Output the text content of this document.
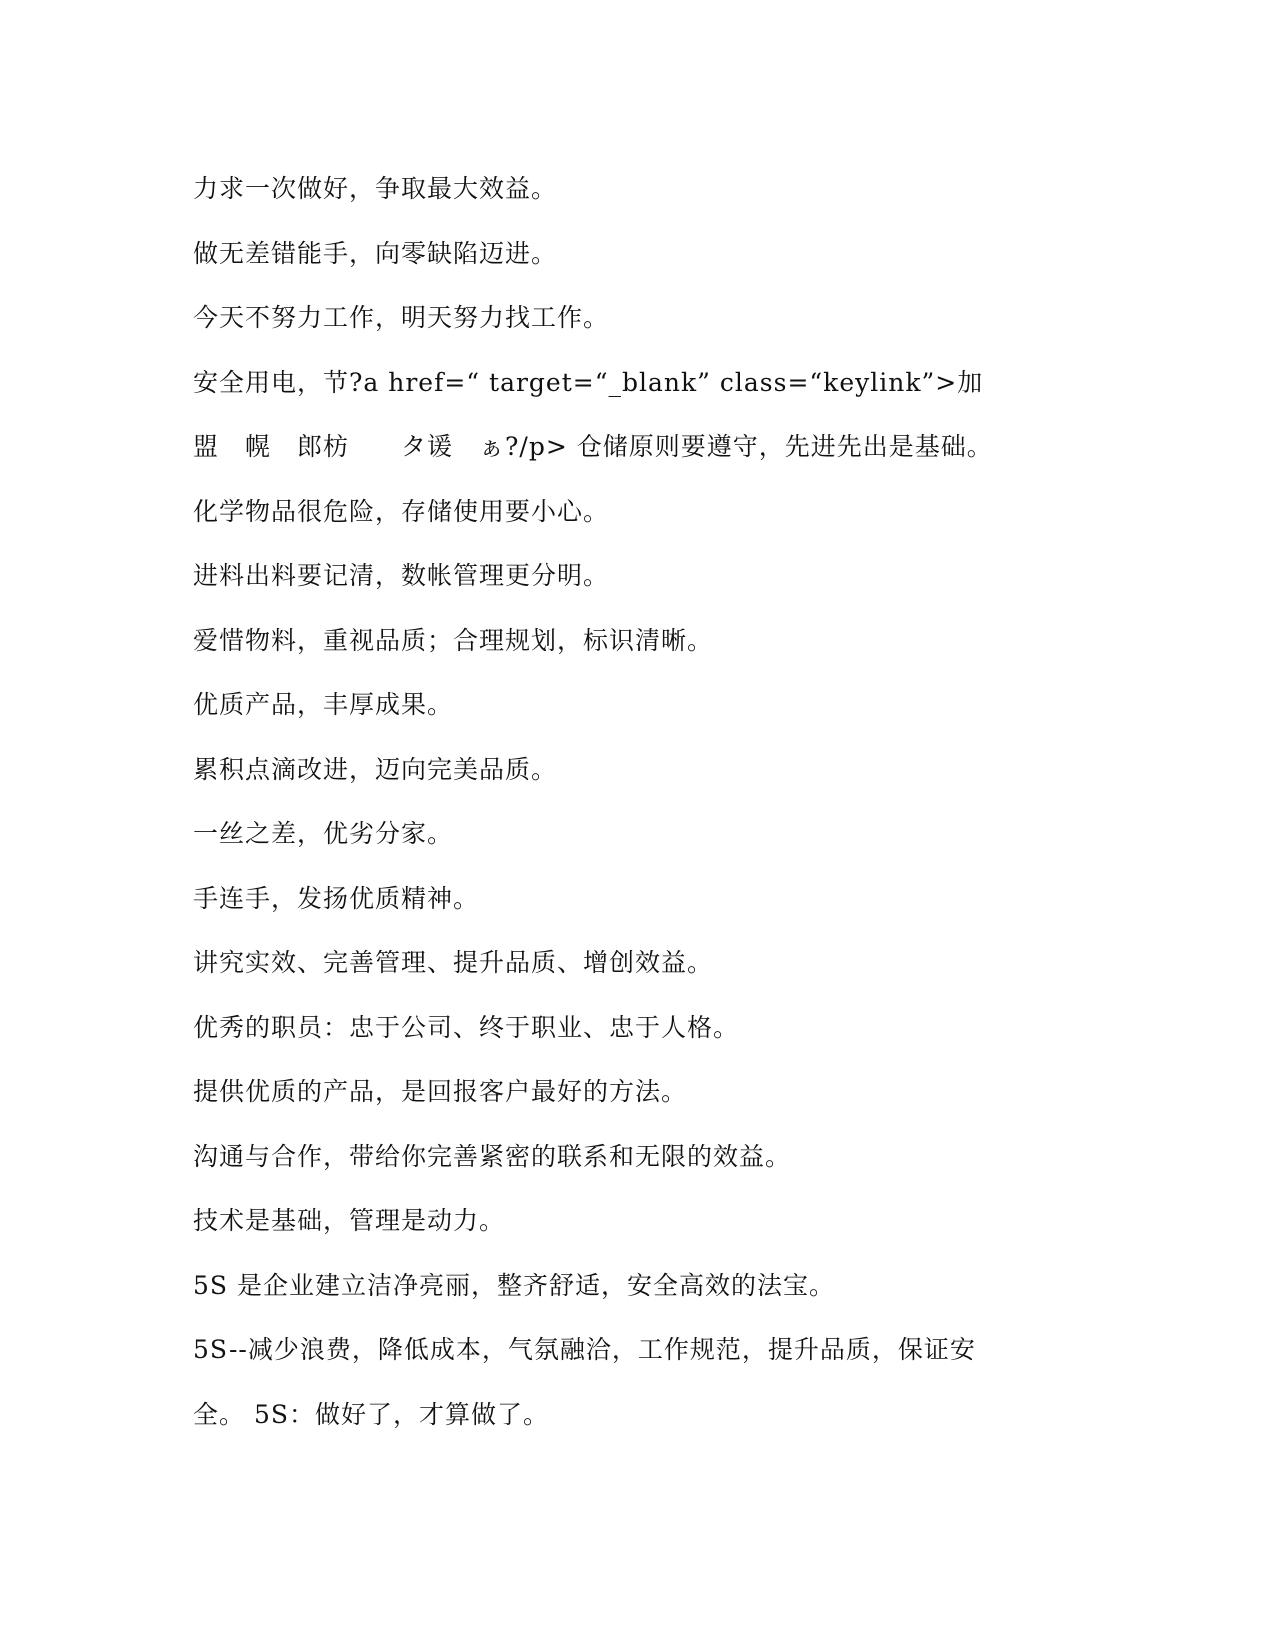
力求一次做好，争取最大效益。
做无差错能手，向零缺陷迈进。
今天不努力工作，明天努力找工作。
安全用电，节?a href=“ target=“_blank” class=“keylink”>加
盟　幌　郎枋　　タ谖　ぁ?/p> 仓储原则要遵守，先进先出是基础。
化学物品很危险，存储使用要小心。
进料出料要记清，数帐管理更分明。
爱惜物料，重视品质；合理规划，标识清晰。
优质产品，丰厚成果。
累积点滴改进，迈向完美品质。
一丝之差，优劣分家。
手连手，发扬优质精神。
讲究实效、完善管理、提升品质、增创效益。
优秀的职员：忠于公司、终于职业、忠于人格。
提供优质的产品，是回报客户最好的方法。
沟通与合作，带给你完善紧密的联系和无限的效益。
技术是基础，管理是动力。
5S 是企业建立洁净亮丽，整齐舒适，安全高效的法宝。
5S--减少浪费，降低成本，气氛融洽，工作规范，提升品质，保证安
全。 5S：做好了，才算做了。
